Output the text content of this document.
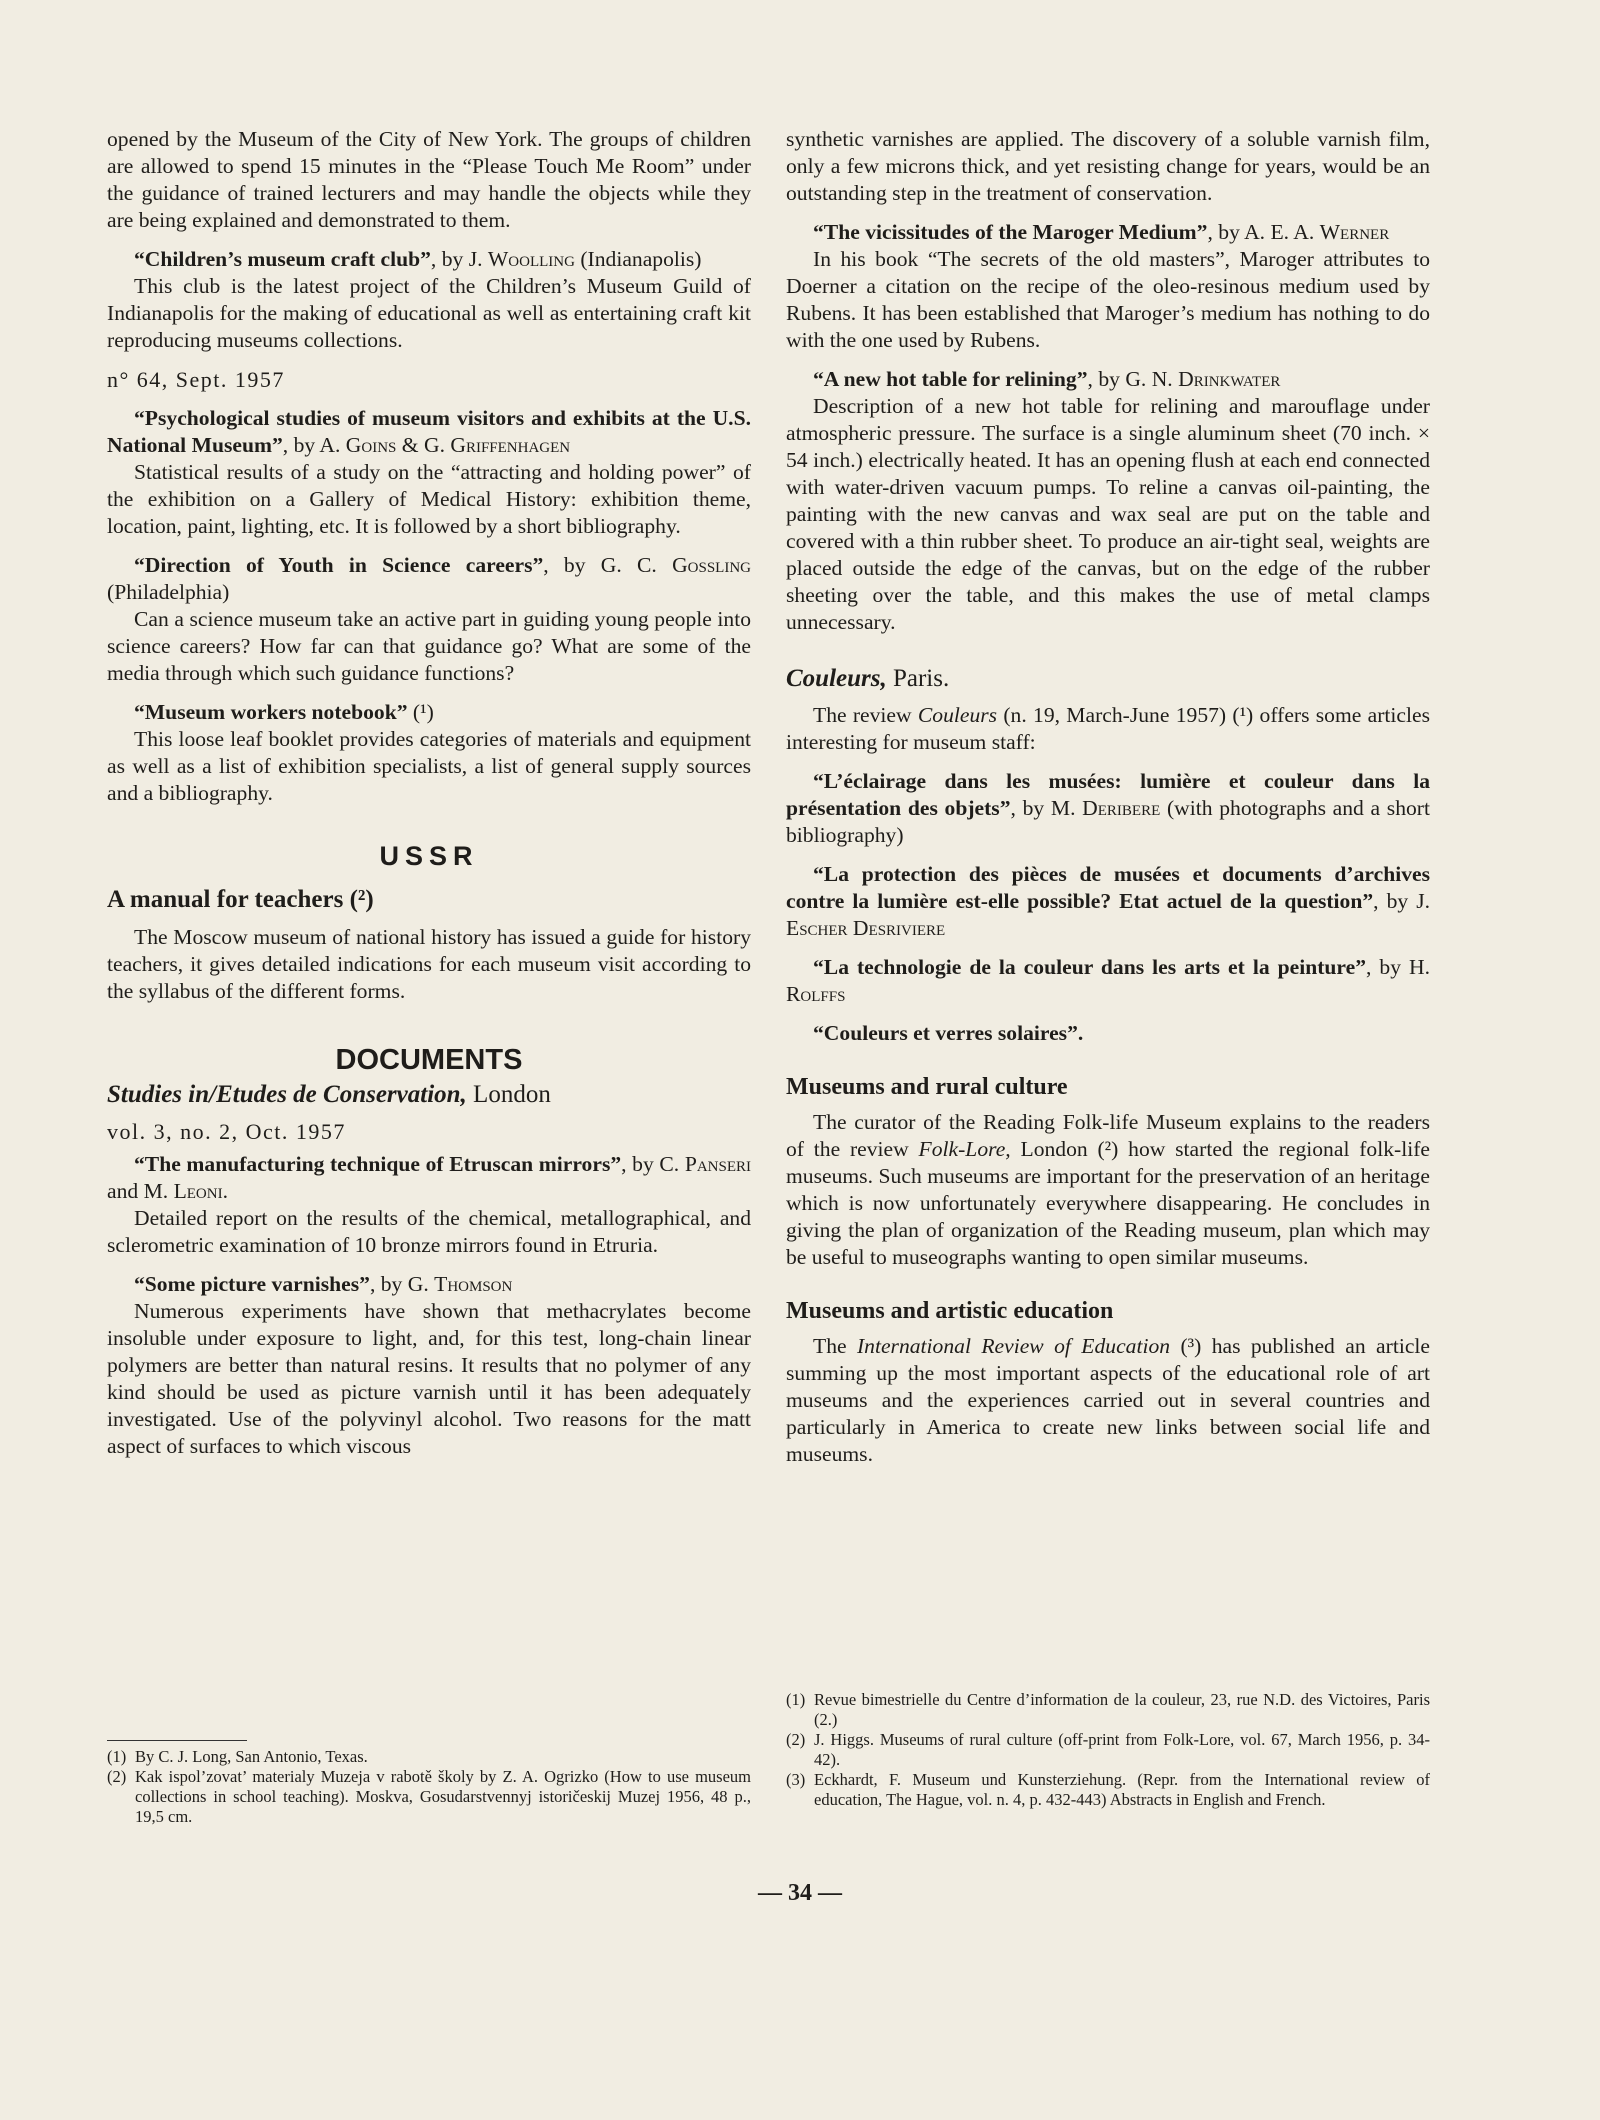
opened by the Museum of the City of New York. The groups of children are allowed to spend 15 minutes in the “Please Touch Me Room” under the guidance of trained lecturers and may handle the objects while they are being explained and demonstrated to them.

“Children’s museum craft club”, by J. Woolling (Indianapolis)

This club is the latest project of the Children’s Museum Guild of Indianapolis for the making of educational as well as entertaining craft kit reproducing museums collections.

n° 64, Sept. 1957

“Psychological studies of museum visitors and exhibits at the U.S. National Museum”, by A. Goins & G. Griffenhagen

Statistical results of a study on the “attracting and holding power” of the exhibition on a Gallery of Medical History: exhibition theme, location, paint, lighting, etc. It is followed by a short bibliography.

“Direction of Youth in Science careers”, by G. C. Gossling (Philadelphia)

Can a science museum take an active part in guiding young people into science careers? How far can that guidance go? What are some of the media through which such guidance functions?

“Museum workers notebook” (¹)

This loose leaf booklet provides categories of materials and equipment as well as a list of exhibition specialists, a list of general supply sources and a bibliography.

USSR

A manual for teachers (²)

The Moscow museum of national history has issued a guide for history teachers, it gives detailed indications for each museum visit according to the syllabus of the different forms.

DOCUMENTS

Studies in/Etudes de Conservation, London

vol. 3, no. 2, Oct. 1957

“The manufacturing technique of Etruscan mirrors”, by C. Panseri and M. Leoni.

Detailed report on the results of the chemical, metallographical, and sclerometric examination of 10 bronze mirrors found in Etruria.

“Some picture varnishes”, by G. Thomson

Numerous experiments have shown that methacrylates become insoluble under exposure to light, and, for this test, long-chain linear polymers are better than natural resins. It results that no polymer of any kind should be used as picture varnish until it has been adequately investigated. Use of the polyvinyl alcohol. Two reasons for the matt aspect of surfaces to which viscous

(1) By C. J. Long, San Antonio, Texas.
(2) Kak ispol’zovat’ materialy Muzeja v rabotě školy by Z. A. Ogrizko (How to use museum collections in school teaching). Moskva, Gosudarstvennyj istoričeskij Muzej 1956, 48 p., 19,5 cm.

synthetic varnishes are applied. The discovery of a soluble varnish film, only a few microns thick, and yet resisting change for years, would be an outstanding step in the treatment of conservation.

“The vicissitudes of the Maroger Medium”, by A. E. A. Werner

In his book “The secrets of the old masters”, Maroger attributes to Doerner a citation on the recipe of the oleo-resinous medium used by Rubens. It has been established that Maroger’s medium has nothing to do with the one used by Rubens.

“A new hot table for relining”, by G. N. Drinkwater

Description of a new hot table for relining and marouflage under atmospheric pressure. The surface is a single aluminum sheet (70 inch. × 54 inch.) electrically heated. It has an opening flush at each end connected with water-driven vacuum pumps. To reline a canvas oil-painting, the painting with the new canvas and wax seal are put on the table and covered with a thin rubber sheet. To produce an air-tight seal, weights are placed outside the edge of the canvas, but on the edge of the rubber sheeting over the table, and this makes the use of metal clamps unnecessary.

Couleurs, Paris.

The review Couleurs (n. 19, March-June 1957) (¹) offers some articles interesting for museum staff:

“L’éclairage dans les musées: lumière et couleur dans la présentation des objets”, by M. Deribere (with photographs and a short bibliography)

“La protection des pièces de musées et documents d’archives contre la lumière est-elle possible? Etat actuel de la question”, by J. Escher Desriviere

“La technologie de la couleur dans les arts et la peinture”, by H. Rolffs

“Couleurs et verres solaires”.

Museums and rural culture

The curator of the Reading Folk-life Museum explains to the readers of the review Folk-Lore, London (²) how started the regional folk-life museums. Such museums are important for the preservation of an heritage which is now unfortunately everywhere disappearing. He concludes in giving the plan of organization of the Reading museum, plan which may be useful to museographs wanting to open similar museums.

Museums and artistic education

The International Review of Education (³) has published an article summing up the most important aspects of the educational role of art museums and the experiences carried out in several countries and particularly in America to create new links between social life and museums.

(1) Revue bimestrielle du Centre d’information de la couleur, 23, rue N.D. des Victoires, Paris (2.)
(2) J. Higgs. Museums of rural culture (off-print from Folk-Lore, vol. 67, March 1956, p. 34-42).
(3) Eckhardt, F. Museum und Kunsterziehung. (Repr. from the International review of education, The Hague, vol. n. 4, p. 432-443) Abstracts in English and French.
— 34 —
